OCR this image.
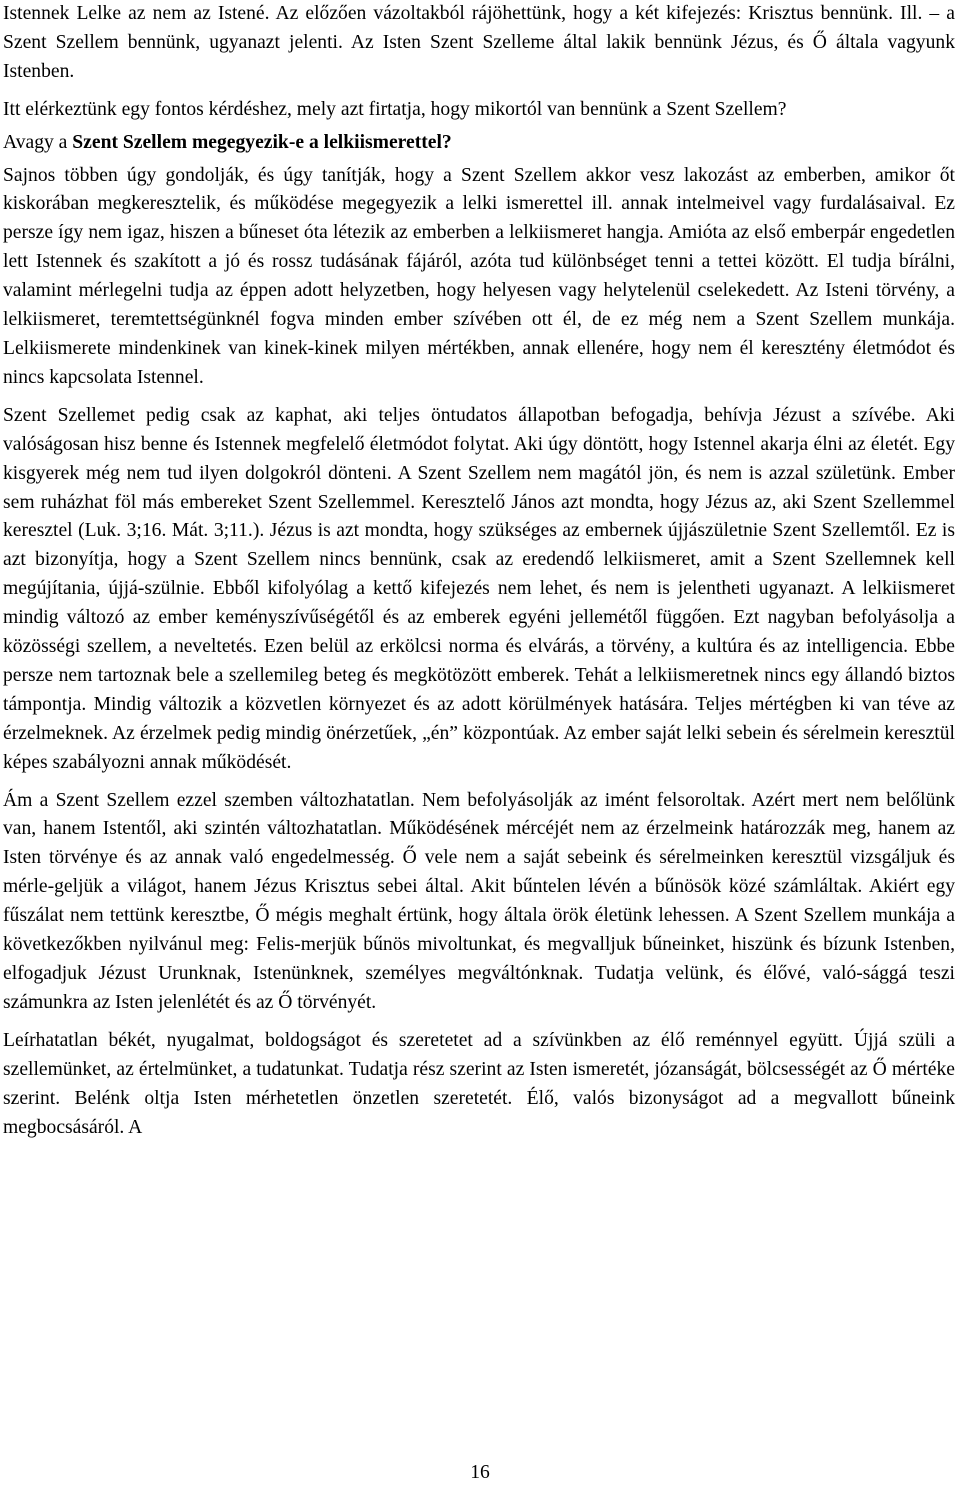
Istennek Lelke az nem az Istené. Az előzően vázoltakból rájöhettünk, hogy a két kifejezés: Krisztus bennünk. Ill. – a Szent Szellem bennünk, ugyanazt jelenti. Az Isten Szent Szelleme által lakik bennünk Jézus, és Ő általa vagyunk Istenben.

Itt elérkeztünk egy fontos kérdéshez, mely azt firtatja, hogy mikortól van bennünk a Szent Szellem?

Avagy a Szent Szellem megegyezik-e a lelkiismerettel?

Sajnos többen úgy gondolják, és úgy tanítják, hogy a Szent Szellem akkor vesz lakozást az emberben, amikor őt kiskorában megkeresztelik, és működése megegyezik a lelki ismerettel ill. annak intelmeivel vagy furdalásaival. Ez persze így nem igaz, hiszen a bűneset óta létezik az emberben a lelkiismeret hangja. Amióta az első emberpár engedetlen lett Istennek és szakított a jó és rossz tudásának fájáról, azóta tud különbséget tenni a tettei között. El tudja bírálni, valamint mérlegelni tudja az éppen adott helyzetben, hogy helyesen vagy helytelenül cselekedett. Az Isteni törvény, a lelkiismeret, teremtettségünknél fogva minden ember szívében ott él, de ez még nem a Szent Szellem munkája. Lelkiismerete mindenkinek van kinek-kinek milyen mértékben, annak ellenére, hogy nem él keresztény életmódot és nincs kapcsolata Istennel.

Szent Szellemet pedig csak az kaphat, aki teljes öntudatos állapotban befogadja, behívja Jézust a szívébe. Aki valóságosan hisz benne és Istennek megfelelő életmódot folytat. Aki úgy döntött, hogy Istennel akarja élni az életét. Egy kisgyerek még nem tud ilyen dolgokról dönteni. A Szent Szellem nem magától jön, és nem is azzal születünk. Ember sem ruházhat föl más embereket Szent Szellemmel. Keresztelő János azt mondta, hogy Jézus az, aki Szent Szellemmel keresztel (Luk. 3;16. Mát. 3;11.). Jézus is azt mondta, hogy szükséges az embernek újjászületnie Szent Szellemtől. Ez is azt bizonyítja, hogy a Szent Szellem nincs bennünk, csak az eredendő lelkiismeret, amit a Szent Szellemnek kell megújítania, újjá-szülnie. Ebből kifolyólag a kettő kifejezés nem lehet, és nem is jelentheti ugyanazt. A lelkiismeret mindig változó az ember keményszívűségétől és az emberek egyéni jellemétől függően. Ezt nagyban befolyásolja a közösségi szellem, a neveltetés. Ezen belül az erkölcsi norma és elvárás, a törvény, a kultúra és az intelligencia. Ebbe persze nem tartoznak bele a szellemileg beteg és megkötözött emberek. Tehát a lelkiismeretnek nincs egy állandó biztos támpontja. Mindig változik a közvetlen környezet és az adott körülmények hatására. Teljes mértégben ki van téve az érzelmeknek. Az érzelmek pedig mindig önérzetűek, „én” központúak. Az ember saját lelki sebein és sérelmein keresztül képes szabályozni annak működését.

Ám a Szent Szellem ezzel szemben változhatatlan. Nem befolyásolják az imént felsoroltak. Azért mert nem belőlünk van, hanem Istentől, aki szintén változhatatlan. Működésének mércéjét nem az érzelmeink határozzák meg, hanem az Isten törvénye és az annak való engedelmesség. Ő vele nem a saját sebeink és sérelmeinken keresztül vizsgáljuk és mérle-geljük a világot, hanem Jézus Krisztus sebei által. Akit bűntelen lévén a bűnösök közé számláltak. Akiért egy fűszálat nem tettünk keresztbe, Ő mégis meghalt értünk, hogy általa örök életünk lehessen. A Szent Szellem munkája a következőkben nyilvánul meg: Felis-merjük bűnös mivoltunkat, és megvalljuk bűneinket, hiszünk és bízunk Istenben, elfogadjuk Jézust Urunknak, Istenünknek, személyes megváltónknak. Tudatja velünk, és élővé, való-sággá teszi számunkra az Isten jelenlétét és az Ő törvényét.

Leírhatatlan békét, nyugalmat, boldogságot és szeretetet ad a szívünkben az élő reménnyel együtt. Újjá szüli a szellemünket, az értelmünket, a tudatunkat. Tudatja rész szerint az Isten ismeretét, józanságát, bölcsességét az Ő mértéke szerint. Belénk oltja Isten mérhetetlen önzetlen szeretetét. Élő, valós bizonyságot ad a megvallott bűneink megbocsásáról. A

16
